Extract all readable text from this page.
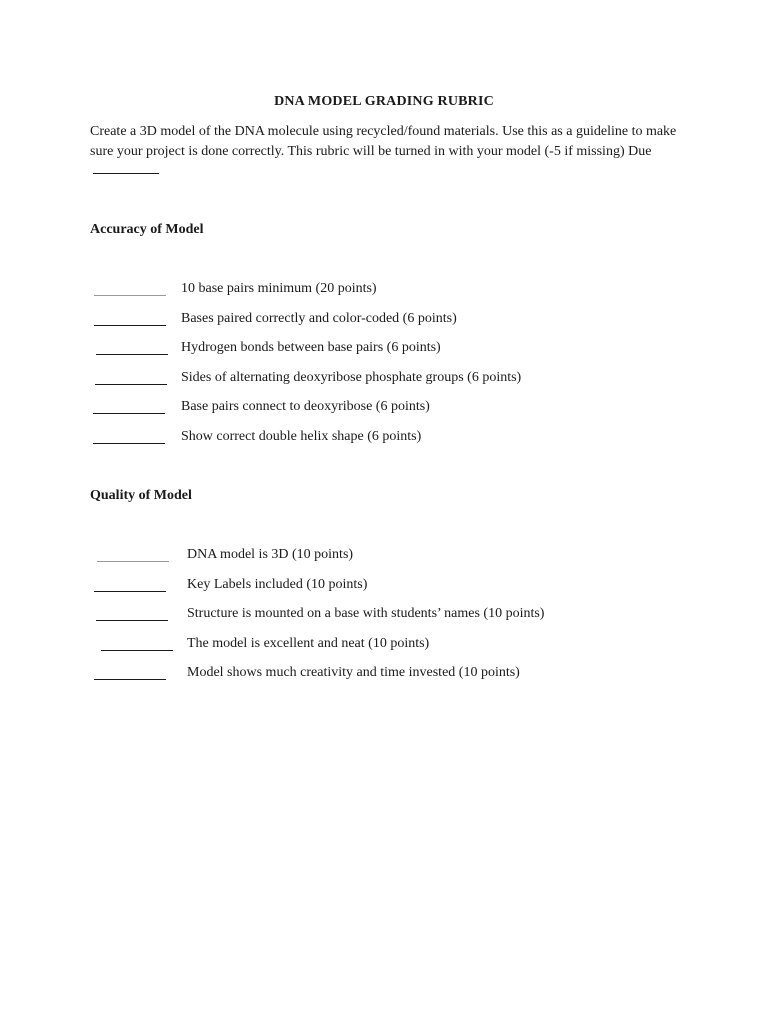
DNA MODEL GRADING RUBRIC

Create a 3D model of the DNA molecule using recycled/found materials. Use this as a guideline to make sure your project is done correctly. This rubric will be turned in with your model (-5 if missing) Due

Accuracy of Model
10 base pairs minimum (20 points)
Bases paired correctly and color-coded (6 points)
Hydrogen bonds between base pairs (6 points)
Sides of alternating deoxyribose phosphate groups (6 points)
Base pairs connect to deoxyribose (6 points)
Show correct double helix shape (6 points)
Quality of Model
DNA model is 3D (10 points)
Key Labels included (10 points)
Structure is mounted on a base with students’ names (10 points)
The model is excellent and neat (10 points)
Model shows much creativity and time invested (10 points)
